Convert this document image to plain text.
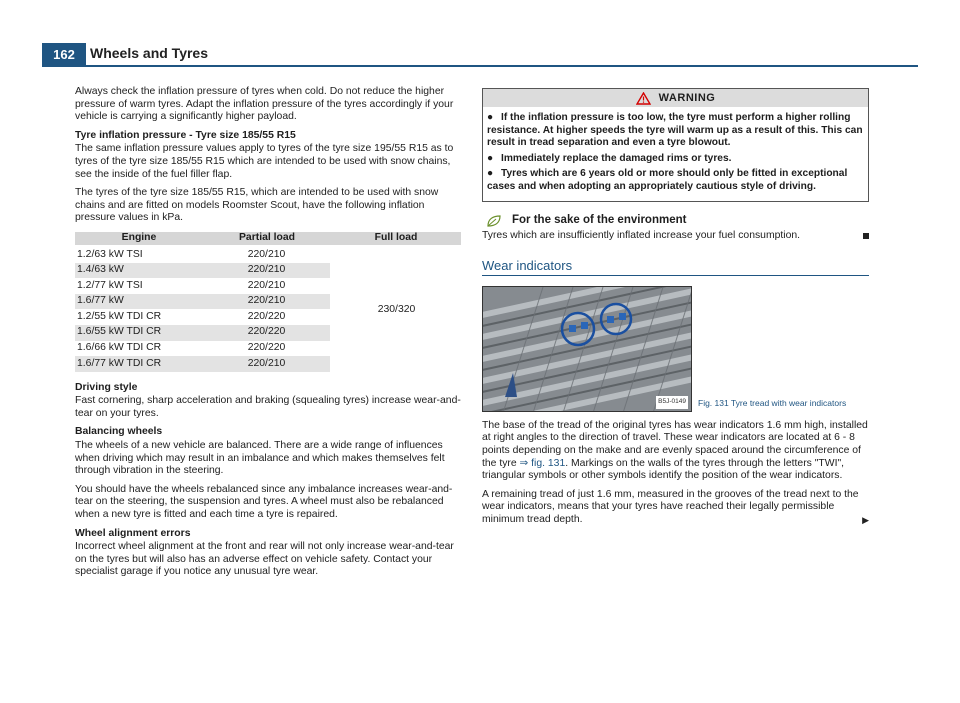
162	Wheels and Tyres

Always check the inflation pressure of tyres when cold. Do not reduce the higher pressure of warm tyres. Adapt the inflation pressure of the tyres accordingly if your vehicle is carrying a significantly higher payload.

Tyre inflation pressure - Tyre size 185/55 R15

The same inflation pressure values apply to tyres of the tyre size 195/55 R15 as to tyres of the tyre size 185/55 R15 which are intended to be used with snow chains, see the inside of the fuel filler flap.

The tyres of the tyre size 185/55 R15, which are intended to be used with snow chains and are fitted on models Roomster Scout, have the following inflation pressure values in kPa.

Engine	Partial load	Full load
1.2/63 kW TSI	220/210	230/320
1.4/63 kW	220/210	
1.2/77 kW TSI	220/210	
1.6/77 kW	220/210	
1.2/55 kW TDI CR	220/220	
1.6/55 kW TDI CR	220/220	
1.6/66 kW TDI CR	220/220	
1.6/77 kW TDI CR	220/210	
Driving style

Fast cornering, sharp acceleration and braking (squealing tyres) increase wear-and-tear on your tyres.

Balancing wheels

The wheels of a new vehicle are balanced. There are a wide range of influences when driving which may result in an imbalance and which makes themselves felt through vibration in the steering.

You should have the wheels rebalanced since any imbalance increases wear-and-tear on the steering, the suspension and tyres. A wheel must also be rebalanced when a new tyre is fitted and each time a tyre is repaired.

Wheel alignment errors

Incorrect wheel alignment at the front and rear will not only increase wear-and-tear on the tyres but will also has an adverse effect on vehicle safety. Contact your specialist garage if you notice any unusual tyre wear.

WARNING
● If the inflation pressure is too low, the tyre must perform a higher rolling resistance. At higher speeds the tyre will warm up as a result of this. This can result in tread separation and even a tyre blowout.
● Immediately replace the damaged rims or tyres.
● Tyres which are 6 years old or more should only be fitted in exceptional cases and when adopting an appropriately cautious style of driving.
For the sake of the environment
Tyres which are insufficiently inflated increase your fuel consumption.
Wear indicators
B5J-0149 Fig. 131 Tyre tread with wear indicators

The base of the tread of the original tyres has wear indicators 1.6 mm high, installed at right angles to the direction of travel. These wear indicators are located at 6 - 8 points depending on the make and are evenly spaced around the circumference of the tyre ⇒ fig. 131. Markings on the walls of the tyres through the letters "TWI", triangular symbols or other symbols identify the position of the wear indicators.

A remaining tread of just 1.6 mm, measured in the grooves of the tread next to the wear indicators, means that your tyres have reached their legally permissible minimum tread depth.	▶
